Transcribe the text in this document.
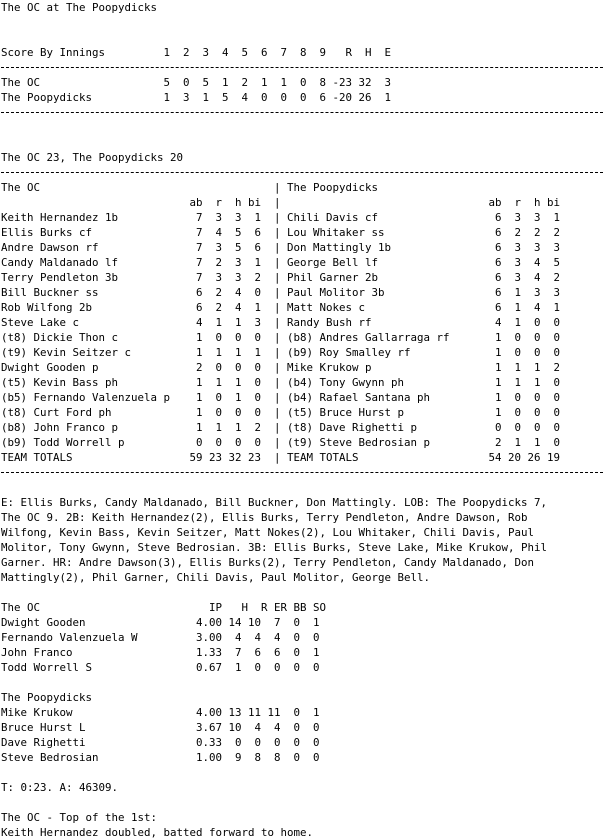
The OC at The Poopydicks
Score By Innings         1  2  3  4  5  6  7  8  9   R  H  E
The OC                   5  0  5  1  2  1  1  0  8 -23 32  3
The Poopydicks           1  3  1  5  4  0  0  0  6 -20 26  1
The OC 23, The Poopydicks 20
The OC                                    | The Poopydicks
ab  r  h bi  |                                ab  r  h bi
Keith Hernandez 1b            7  3  3  1  | Chili Davis cf                  6  3  3  1
Ellis Burks cf                7  4  5  6  | Lou Whitaker ss                 6  2  2  2
Andre Dawson rf               7  3  5  6  | Don Mattingly 1b                6  3  3  3
Candy Maldanado lf            7  2  3  1  | George Bell lf                  6  3  4  5
Terry Pendleton 3b            7  3  3  2  | Phil Garner 2b                  6  3  4  2
Bill Buckner ss               6  2  4  0  | Paul Molitor 3b                 6  1  3  3
Rob Wilfong 2b                6  2  4  1  | Matt Nokes c                    6  1  4  1
Steve Lake c                  4  1  1  3  | Randy Bush rf                   4  1  0  0
(t8) Dickie Thon c            1  0  0  0  | (b8) Andres Gallarraga rf       1  0  0  0
(t9) Kevin Seitzer c          1  1  1  1  | (b9) Roy Smalley rf             1  0  0  0
Dwight Gooden p               2  0  0  0  | Mike Krukow p                   1  1  1  2
(t5) Kevin Bass ph            1  1  1  0  | (b4) Tony Gwynn ph              1  1  1  0
(b5) Fernando Valenzuela p    1  0  1  0  | (b4) Rafael Santana ph          1  0  0  0
(t8) Curt Ford ph             1  0  0  0  | (t5) Bruce Hurst p              1  0  0  0
(b8) John Franco p            1  1  1  2  | (t8) Dave Righetti p            0  0  0  0
(b9) Todd Worrell p           0  0  0  0  | (t9) Steve Bedrosian p          2  1  1  0
TEAM TOTALS                  59 23 32 23  | TEAM TOTALS                    54 20 26 19
E: Ellis Burks, Candy Maldanado, Bill Buckner, Don Mattingly. LOB: The Poopydicks 7,
The OC 9. 2B: Keith Hernandez(2), Ellis Burks, Terry Pendleton, Andre Dawson, Rob
Wilfong, Kevin Bass, Kevin Seitzer, Matt Nokes(2), Lou Whitaker, Chili Davis, Paul
Molitor, Tony Gwynn, Steve Bedrosian. 3B: Ellis Burks, Steve Lake, Mike Krukow, Phil
Garner. HR: Andre Dawson(3), Ellis Burks(2), Terry Pendleton, Candy Maldanado, Don
Mattingly(2), Phil Garner, Chili Davis, Paul Molitor, George Bell.
The OC                          IP   H  R ER BB SO
Dwight Gooden                 4.00 14 10  7  0  1
Fernando Valenzuela W         3.00  4  4  4  0  0
John Franco                   1.33  7  6  6  0  1
Todd Worrell S                0.67  1  0  0  0  0
The Poopydicks
Mike Krukow                   4.00 13 11 11  0  1
Bruce Hurst L                 3.67 10  4  4  0  0
Dave Righetti                 0.33  0  0  0  0  0
Steve Bedrosian               1.00  9  8  8  0  0
T: 0:23. A: 46309.
The OC - Top of the 1st:
Keith Hernandez doubled, batted forward to home.
